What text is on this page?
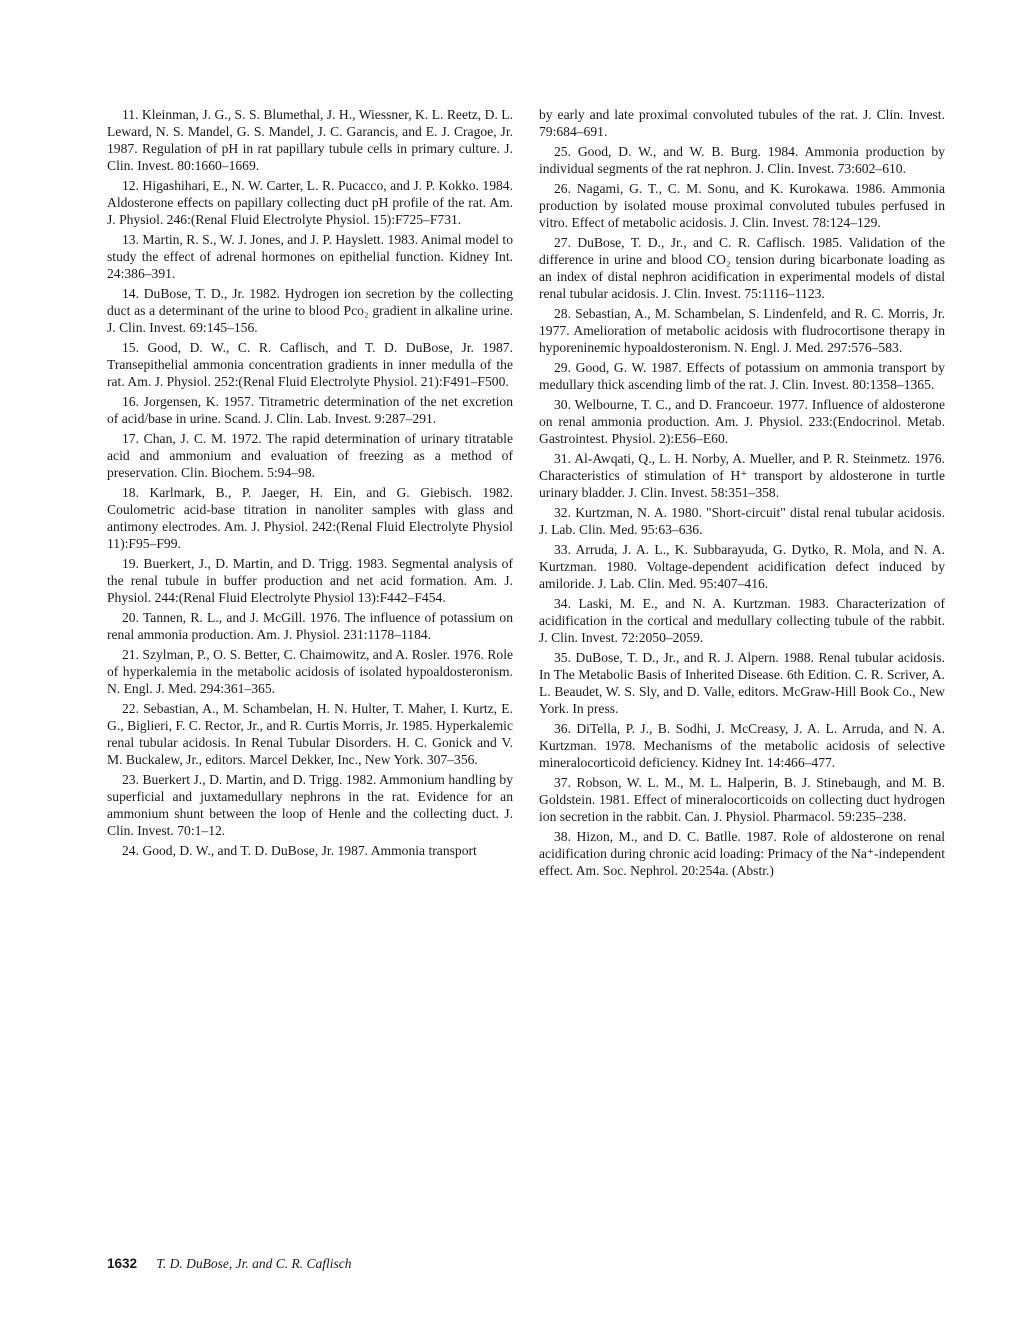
11. Kleinman, J. G., S. S. Blumethal, J. H., Wiessner, K. L. Reetz, D. L. Leward, N. S. Mandel, G. S. Mandel, J. C. Garancis, and E. J. Cragoe, Jr. 1987. Regulation of pH in rat papillary tubule cells in primary culture. J. Clin. Invest. 80:1660–1669.

12. Higashihari, E., N. W. Carter, L. R. Pucacco, and J. P. Kokko. 1984. Aldosterone effects on papillary collecting duct pH profile of the rat. Am. J. Physiol. 246:(Renal Fluid Electrolyte Physiol. 15):F725–F731.

13. Martin, R. S., W. J. Jones, and J. P. Hayslett. 1983. Animal model to study the effect of adrenal hormones on epithelial function. Kidney Int. 24:386–391.

14. DuBose, T. D., Jr. 1982. Hydrogen ion secretion by the collecting duct as a determinant of the urine to blood Pco₂ gradient in alkaline urine. J. Clin. Invest. 69:145–156.

15. Good, D. W., C. R. Caflisch, and T. D. DuBose, Jr. 1987. Transepithelial ammonia concentration gradients in inner medulla of the rat. Am. J. Physiol. 252:(Renal Fluid Electrolyte Physiol. 21):F491–F500.

16. Jorgensen, K. 1957. Titrametric determination of the net excretion of acid/base in urine. Scand. J. Clin. Lab. Invest. 9:287–291.

17. Chan, J. C. M. 1972. The rapid determination of urinary titratable acid and ammonium and evaluation of freezing as a method of preservation. Clin. Biochem. 5:94–98.

18. Karlmark, B., P. Jaeger, H. Ein, and G. Giebisch. 1982. Coulometric acid-base titration in nanoliter samples with glass and antimony electrodes. Am. J. Physiol. 242:(Renal Fluid Electrolyte Physiol 11):F95–F99.

19. Buerkert, J., D. Martin, and D. Trigg. 1983. Segmental analysis of the renal tubule in buffer production and net acid formation. Am. J. Physiol. 244:(Renal Fluid Electrolyte Physiol 13):F442–F454.

20. Tannen, R. L., and J. McGill. 1976. The influence of potassium on renal ammonia production. Am. J. Physiol. 231:1178–1184.

21. Szylman, P., O. S. Better, C. Chaimowitz, and A. Rosler. 1976. Role of hyperkalemia in the metabolic acidosis of isolated hypoaldosteronism. N. Engl. J. Med. 294:361–365.

22. Sebastian, A., M. Schambelan, H. N. Hulter, T. Maher, I. Kurtz, E. G., Biglieri, F. C. Rector, Jr., and R. Curtis Morris, Jr. 1985. Hyperkalemic renal tubular acidosis. In Renal Tubular Disorders. H. C. Gonick and V. M. Buckalew, Jr., editors. Marcel Dekker, Inc., New York. 307–356.

23. Buerkert J., D. Martin, and D. Trigg. 1982. Ammonium handling by superficial and juxtamedullary nephrons in the rat. Evidence for an ammonium shunt between the loop of Henle and the collecting duct. J. Clin. Invest. 70:1–12.

24. Good, D. W., and T. D. DuBose, Jr. 1987. Ammonia transport

by early and late proximal convoluted tubules of the rat. J. Clin. Invest. 79:684–691.

25. Good, D. W., and W. B. Burg. 1984. Ammonia production by individual segments of the rat nephron. J. Clin. Invest. 73:602–610.

26. Nagami, G. T., C. M. Sonu, and K. Kurokawa. 1986. Ammonia production by isolated mouse proximal convoluted tubules perfused in vitro. Effect of metabolic acidosis. J. Clin. Invest. 78:124–129.

27. DuBose, T. D., Jr., and C. R. Caflisch. 1985. Validation of the difference in urine and blood CO₂ tension during bicarbonate loading as an index of distal nephron acidification in experimental models of distal renal tubular acidosis. J. Clin. Invest. 75:1116–1123.

28. Sebastian, A., M. Schambelan, S. Lindenfeld, and R. C. Morris, Jr. 1977. Amelioration of metabolic acidosis with fludrocortisone therapy in hyporeninemic hypoaldosteronism. N. Engl. J. Med. 297:576–583.

29. Good, G. W. 1987. Effects of potassium on ammonia transport by medullary thick ascending limb of the rat. J. Clin. Invest. 80:1358–1365.

30. Welbourne, T. C., and D. Francoeur. 1977. Influence of aldosterone on renal ammonia production. Am. J. Physiol. 233:(Endocrinol. Metab. Gastrointest. Physiol. 2):E56–E60.

31. Al-Awqati, Q., L. H. Norby, A. Mueller, and P. R. Steinmetz. 1976. Characteristics of stimulation of H⁺ transport by aldosterone in turtle urinary bladder. J. Clin. Invest. 58:351–358.

32. Kurtzman, N. A. 1980. "Short-circuit" distal renal tubular acidosis. J. Lab. Clin. Med. 95:63–636.

33. Arruda, J. A. L., K. Subbarayuda, G. Dytko, R. Mola, and N. A. Kurtzman. 1980. Voltage-dependent acidification defect induced by amiloride. J. Lab. Clin. Med. 95:407–416.

34. Laski, M. E., and N. A. Kurtzman. 1983. Characterization of acidification in the cortical and medullary collecting tubule of the rabbit. J. Clin. Invest. 72:2050–2059.

35. DuBose, T. D., Jr., and R. J. Alpern. 1988. Renal tubular acidosis. In The Metabolic Basis of Inherited Disease. 6th Edition. C. R. Scriver, A. L. Beaudet, W. S. Sly, and D. Valle, editors. McGraw-Hill Book Co., New York. In press.

36. DiTella, P. J., B. Sodhi, J. McCreasy, J. A. L. Arruda, and N. A. Kurtzman. 1978. Mechanisms of the metabolic acidosis of selective mineralocorticoid deficiency. Kidney Int. 14:466–477.

37. Robson, W. L. M., M. L. Halperin, B. J. Stinebaugh, and M. B. Goldstein. 1981. Effect of mineralocorticoids on collecting duct hydrogen ion secretion in the rabbit. Can. J. Physiol. Pharmacol. 59:235–238.

38. Hizon, M., and D. C. Batlle. 1987. Role of aldosterone on renal acidification during chronic acid loading: Primacy of the Na⁺-independent effect. Am. Soc. Nephrol. 20:254a. (Abstr.)

1632 T. D. DuBose, Jr. and C. R. Caflisch
